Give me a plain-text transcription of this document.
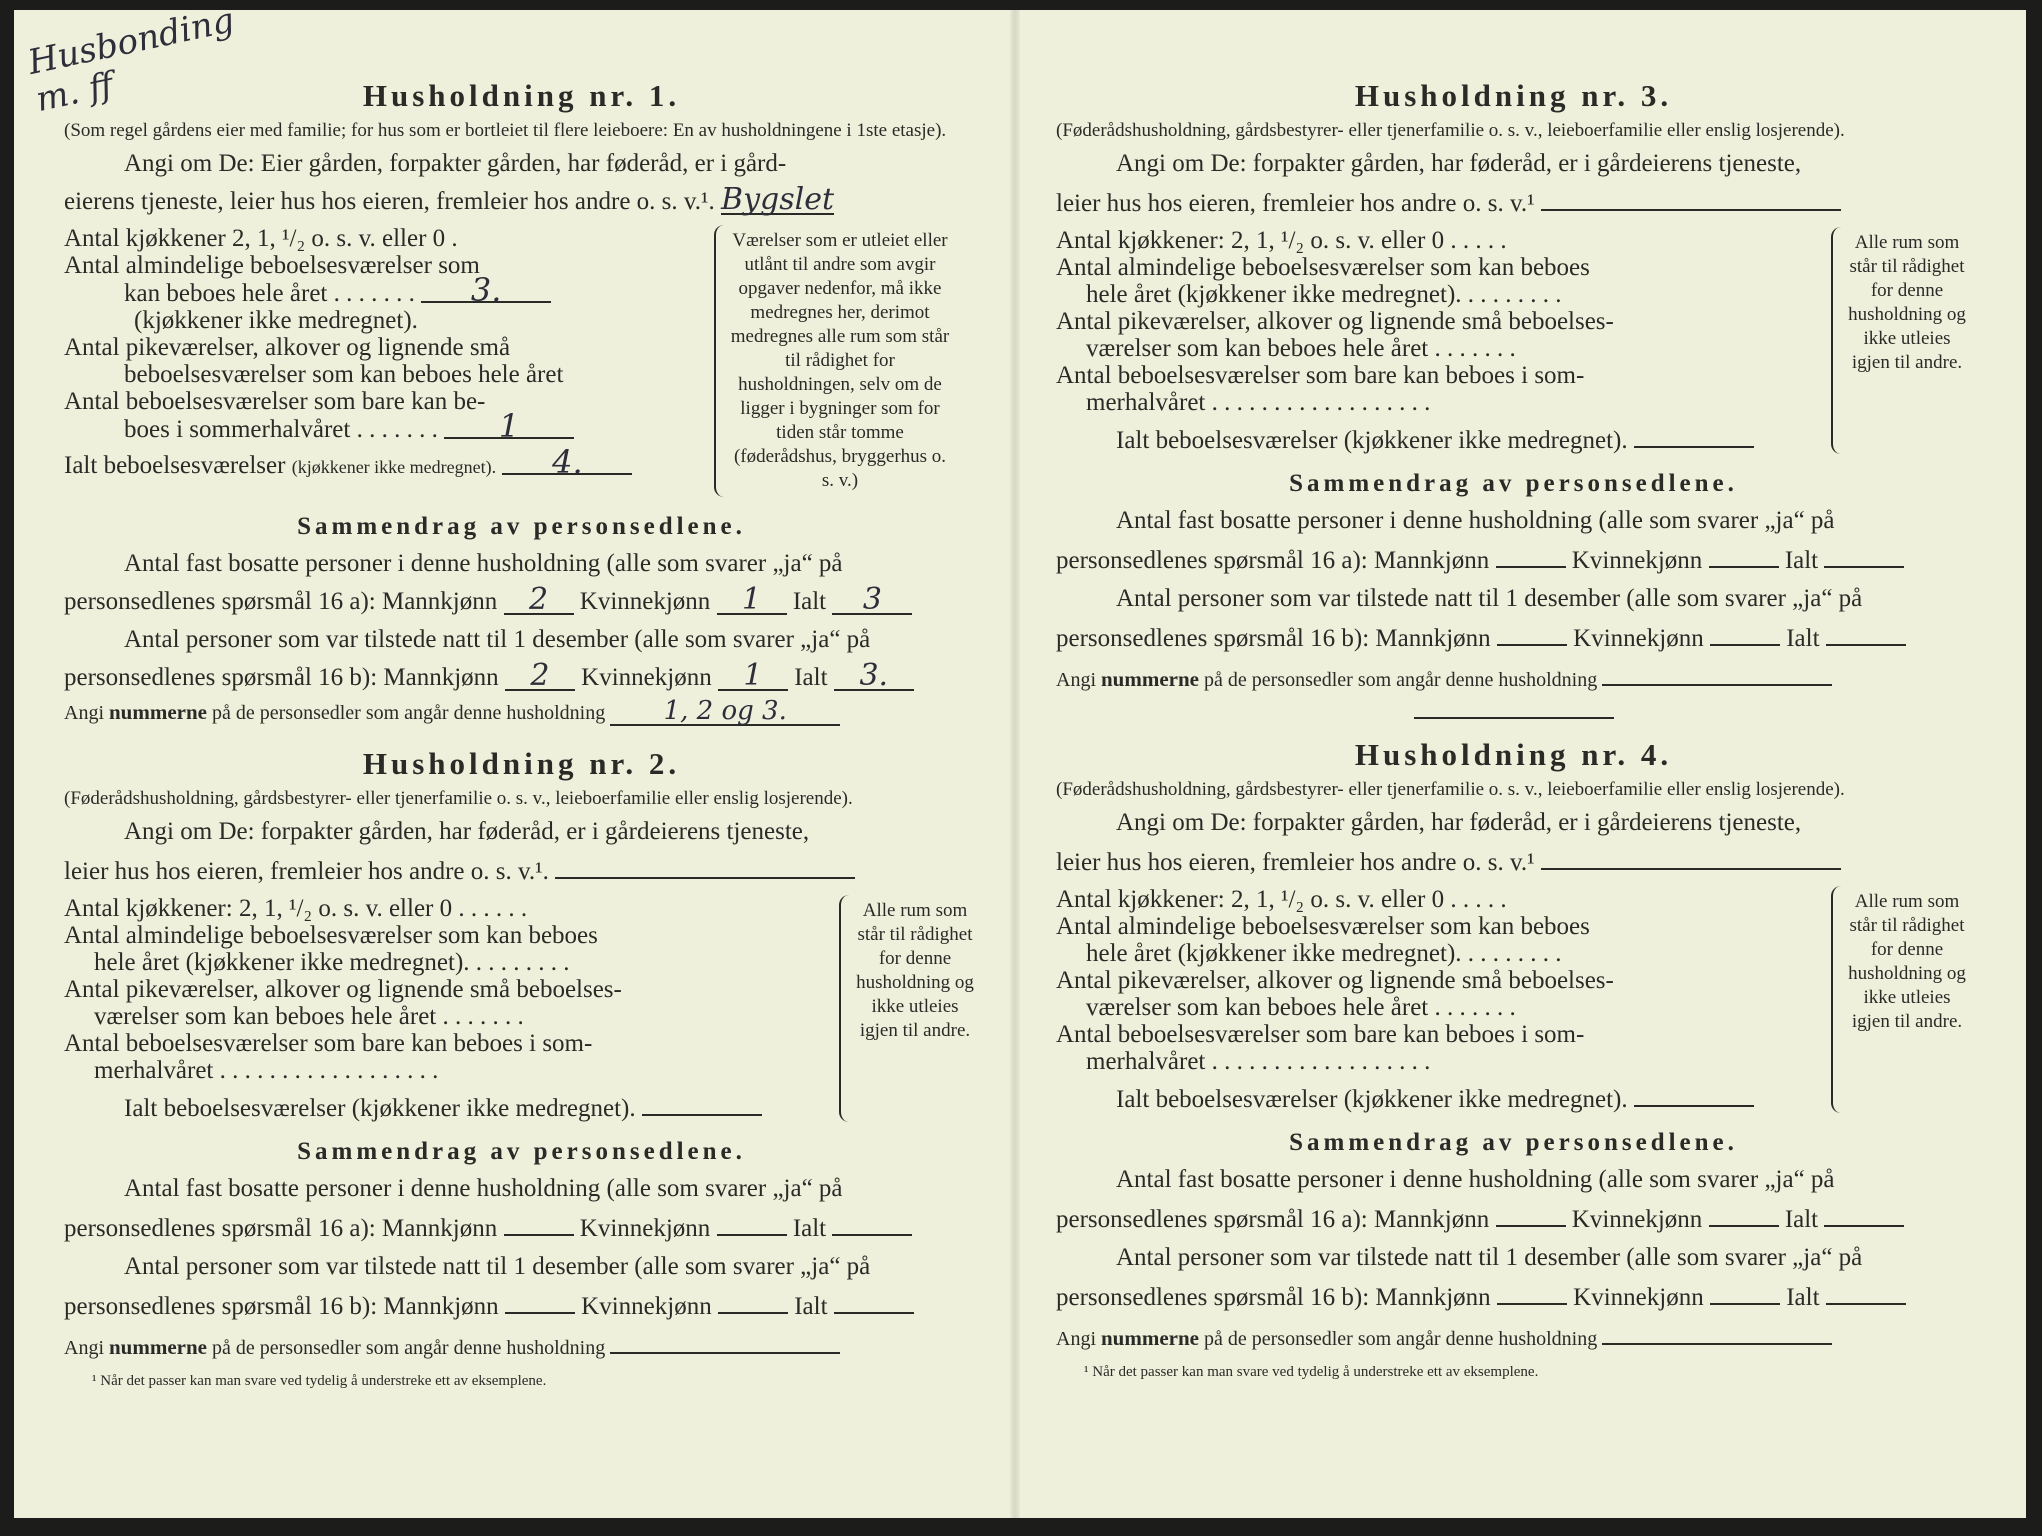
Husbonding m. ff	Husholdning nr. 1.
(Som regel gårdens eier med familie; for hus som er bortleiet til flere leieboere: En av husholdningene i 1ste etasje).
Angi om De: Eier gården, forpakter gården, har føderåd, er i gård-
eierens tjeneste, leier hus hos eieren, fremleier hos andre o. s. v.¹. Bygslet
Antal kjøkkener 2, 1, ¹/₂ o. s. v. eller 0 .
Antal almindelige beboelsesværelser som
kan beboes hele året . . . . . . . 3.
(kjøkkener ikke medregnet).
Antal pikeværelser, alkover og lignende små
beboelsesværelser som kan beboes hele året
Antal beboelsesværelser som bare kan be-
boes i sommerhalvåret . . . . . . . 1
Ialt beboelsesværelser (kjøkkener ikke medregnet). 4.
Værelser som er utleiet eller utlånt til andre som avgir opgaver nedenfor, må ikke medregnes her, derimot medregnes alle rum som står til rådighet for husholdningen, selv om de ligger i bygninger som for tiden står tomme (føderådshus, bryggerhus o. s. v.)
Sammendrag av personsedlene.
Antal fast bosatte personer i denne husholdning (alle som svarer „ja“ på
personsedlenes spørsmål 16 a): Mannkjønn 2 Kvinnekjønn 1 Ialt 3
Antal personer som var tilstede natt til 1 desember (alle som svarer „ja“ på
personsedlenes spørsmål 16 b): Mannkjønn 2 Kvinnekjønn 1 Ialt 3.
Angi nummerne på de personsedler som angår denne husholdning 1, 2 og 3.
Husholdning nr. 2.
(Føderådshusholdning, gårdsbestyrer- eller tjenerfamilie o. s. v., leieboerfamilie eller enslig losjerende).
Angi om De: forpakter gården, har føderåd, er i gårdeierens tjeneste,
leier hus hos eieren, fremleier hos andre o. s. v.¹.
Antal kjøkkener: 2, 1, ¹/₂ o. s. v. eller 0 . . . . . .
Antal almindelige beboelsesværelser som kan beboes
hele året (kjøkkener ikke medregnet). . . . . . . . .
Antal pikeværelser, alkover og lignende små beboelses-
værelser som kan beboes hele året . . . . . . .
Antal beboelsesværelser som bare kan beboes i som-
merhalvåret . . . . . . . . . . . . . . . . . .
Ialt beboelsesværelser (kjøkkener ikke medregnet).
Alle rum som står til rådighet for denne husholdning og ikke utleies igjen til andre.
Sammendrag av personsedlene.
Antal fast bosatte personer i denne husholdning (alle som svarer „ja“ på
personsedlenes spørsmål 16 a): Mannkjønn	Kvinnekjønn	Ialt
Antal personer som var tilstede natt til 1 desember (alle som svarer „ja“ på
personsedlenes spørsmål 16 b): Mannkjønn	Kvinnekjønn	Ialt
Angi nummerne på de personsedler som angår denne husholdning
¹ Når det passer kan man svare ved tydelig å understreke ett av eksemplene.
Husholdning nr. 3.
(Føderådshusholdning, gårdsbestyrer- eller tjenerfamilie o. s. v., leieboerfamilie eller enslig losjerende).
Angi om De: forpakter gården, har føderåd, er i gårdeierens tjeneste,
leier hus hos eieren, fremleier hos andre o. s. v.¹
Antal kjøkkener: 2, 1, ¹/₂ o. s. v. eller 0 . . . . .
Antal almindelige beboelsesværelser som kan beboes
hele året (kjøkkener ikke medregnet). . . . . . . . .
Antal pikeværelser, alkover og lignende små beboelses-
værelser som kan beboes hele året . . . . . . .
Antal beboelsesværelser som bare kan beboes i som-
merhalvåret . . . . . . . . . . . . . . . . . .
Ialt beboelsesværelser (kjøkkener ikke medregnet).
Alle rum som står til rådighet for denne husholdning og ikke utleies igjen til andre.
Sammendrag av personsedlene.
Antal fast bosatte personer i denne husholdning (alle som svarer „ja“ på
personsedlenes spørsmål 16 a): Mannkjønn	Kvinnekjønn	Ialt
Antal personer som var tilstede natt til 1 desember (alle som svarer „ja“ på
personsedlenes spørsmål 16 b): Mannkjønn	Kvinnekjønn	Ialt
Angi nummerne på de personsedler som angår denne husholdning
Husholdning nr. 4.
(Føderådshusholdning, gårdsbestyrer- eller tjenerfamilie o. s. v., leieboerfamilie eller enslig losjerende).
Angi om De: forpakter gården, har føderåd, er i gårdeierens tjeneste,
leier hus hos eieren, fremleier hos andre o. s. v.¹
Antal kjøkkener: 2, 1, ¹/₂ o. s. v. eller 0 . . . . .
Antal almindelige beboelsesværelser som kan beboes
hele året (kjøkkener ikke medregnet). . . . . . . . .
Antal pikeværelser, alkover og lignende små beboelses-
værelser som kan beboes hele året . . . . . . .
Antal beboelsesværelser som bare kan beboes i som-
merhalvåret . . . . . . . . . . . . . . . . . .
Ialt beboelsesværelser (kjøkkener ikke medregnet).
Alle rum som står til rådighet for denne husholdning og ikke utleies igjen til andre.
Sammendrag av personsedlene.
Antal fast bosatte personer i denne husholdning (alle som svarer „ja“ på
personsedlenes spørsmål 16 a): Mannkjønn	Kvinnekjønn	Ialt
Antal personer som var tilstede natt til 1 desember (alle som svarer „ja“ på
personsedlenes spørsmål 16 b): Mannkjønn	Kvinnekjønn	Ialt
Angi nummerne på de personsedler som angår denne husholdning
¹ Når det passer kan man svare ved tydelig å understreke ett av eksemplene.
